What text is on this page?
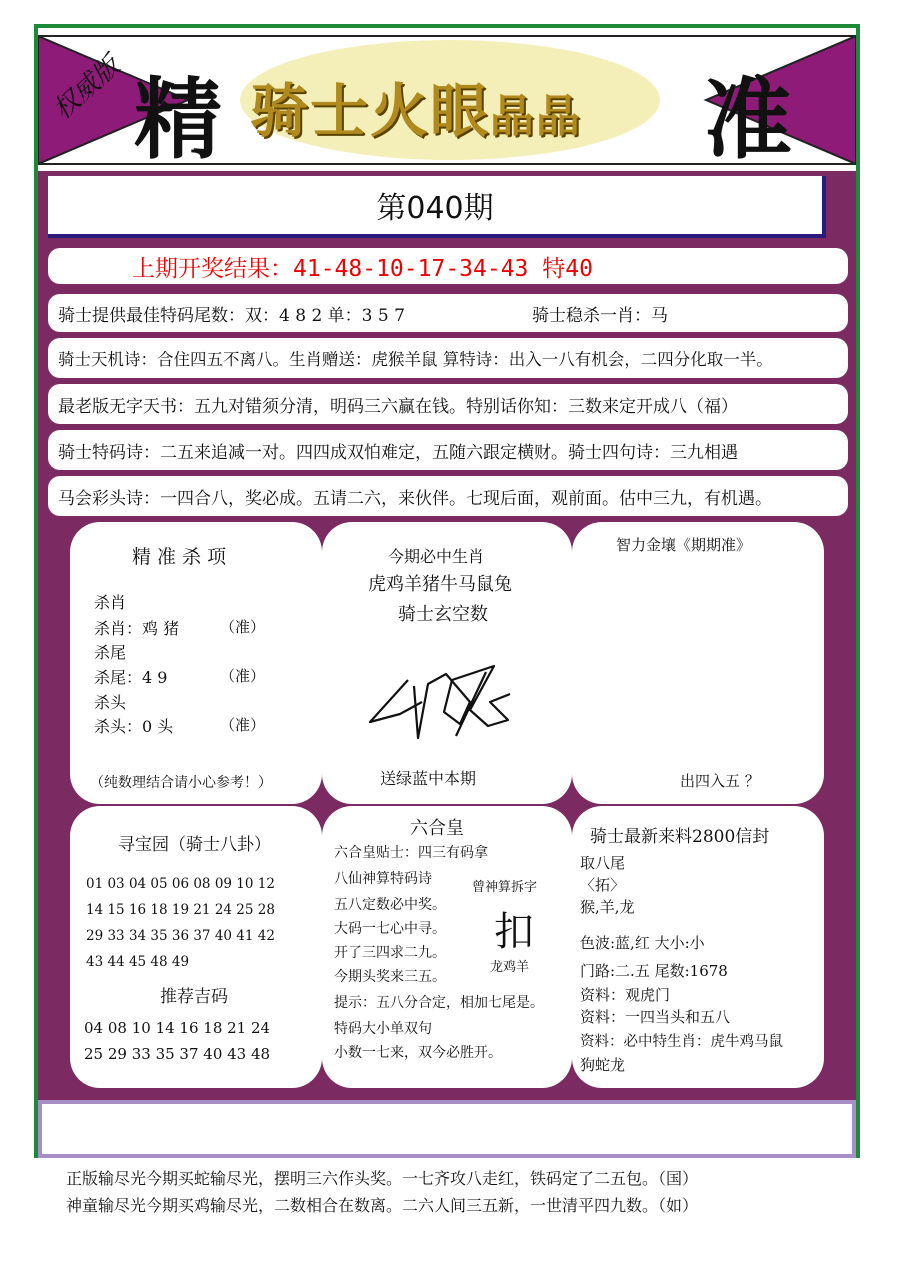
权威版 精	准
骑士火眼晶晶
第040期
上期开奖结果：41-48-10-17-34-43 特40
骑士提供最佳特码尾数：双：4 8 2 单：3 5 7	骑士稳杀一肖：马
骑士天机诗：合住四五不离八。生肖赠送：虎猴羊鼠 算特诗：出入一八有机会，二四分化取一半。
最老版无字天书：五九对错须分清，明码三六赢在钱。特别话你知：三数来定开成八（福）
骑士特码诗：二五来追减一对。四四成双怕难定，五随六跟定横财。骑士四句诗：三九相遇
马会彩头诗：一四合八，奖必成。五请二六，来伙伴。七现后面，观前面。估中三九，有机遇。
精 准 杀 项
杀肖
杀肖：鸡 猪	（准）
杀尾
杀尾：4 9	（准）
杀头
杀头：0 头	（准）
（纯数理结合请小心参考！）
今期必中生肖
虎鸡羊猪牛马鼠兔
骑士玄空数
送绿蓝中本期
智力金壤《期期准》
出四入五 ？
寻宝园（骑士八卦）
01 03 04 05 06 08 09 10 12
14 15 16 18 19 21 24 25 28
29 33 34 35 36 37 40 41 42
43 44 45 48 49
推荐吉码
04 08 10 14 16 18 21 24
25 29 33 35 37 40 43 48
六合皇
六合皇贴士：四三有码拿
八仙神算特码诗
五八定数必中奖。
大码一七心中寻。
开了三四求二九。
今期头奖来三五。
提示：五八分合定，相加七尾是。
特码大小单双句
小数一七来，双今必胜开。
曾神算拆字
扣
龙鸡羊
骑士最新来料2800信封
取八尾
〈拓〉
猴,羊,龙
色波:蓝,红 大小:小
门路:二.五 尾数:1678
资料：观虎门
资料：一四当头和五八
资料：必中特生肖：虎牛鸡马鼠
狗蛇龙
正版输尽光今期买蛇输尽光，摆明三六作头奖。一七齐攻八走红，铁码定了二五包。（国）
神童输尽光今期买鸡输尽光，二数相合在数离。二六人间三五新，一世清平四九数。（如）
